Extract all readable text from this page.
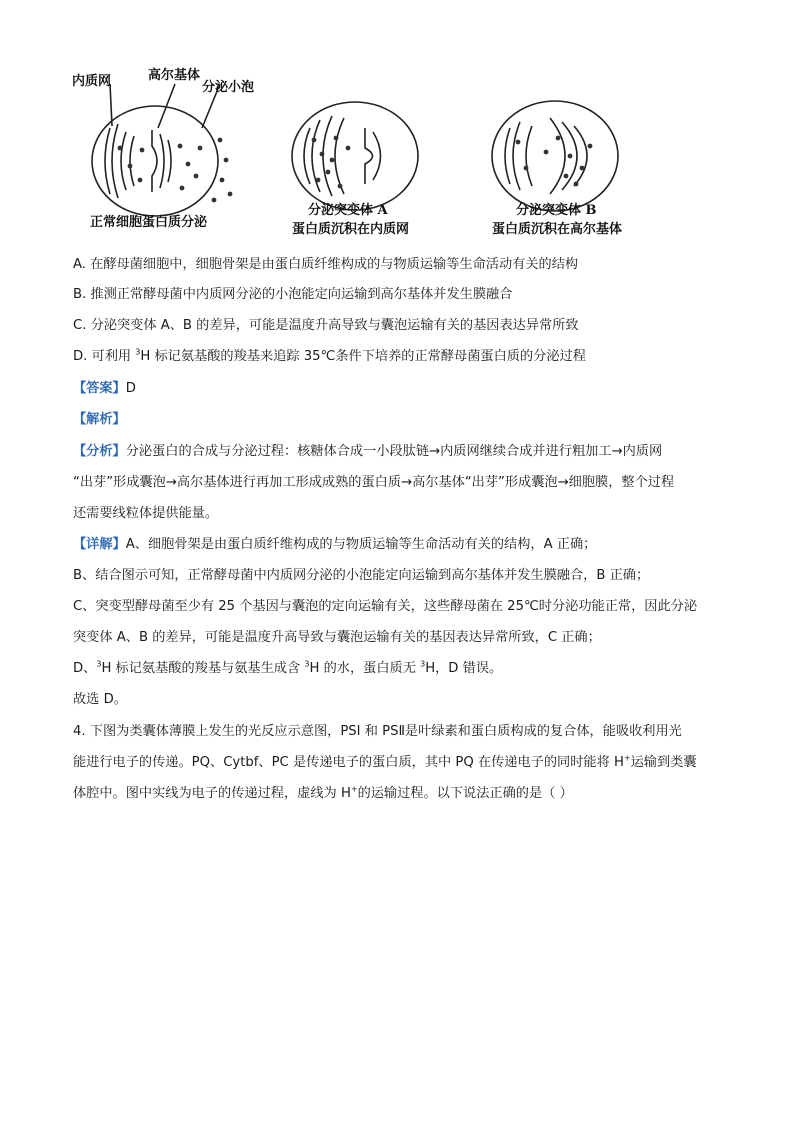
内质网	高尔基体
分泌小泡
正常细胞蛋白质分泌
分泌突变体 A
蛋白质沉积在内质网
分泌突变体 B
蛋白质沉积在高尔基体
A. 在酵母菌细胞中，细胞骨架是由蛋白质纤维构成的与物质运输等生命活动有关的结构
B. 推测正常酵母菌中内质网分泌的小泡能定向运输到高尔基体并发生膜融合
C. 分泌突变体 A、B 的差异，可能是温度升高导致与囊泡运输有关的基因表达异常所致
D. 可利用 $^3$H 标记氨基酸的羧基来追踪 35℃条件下培养的正常酵母菌蛋白质的分泌过程
【答案】D
【解析】
【分析】分泌蛋白的合成与分泌过程：核糖体合成一小段肽链→内质网继续合成并进行粗加工→内质网
“出芽”形成囊泡→高尔基体进行再加工形成成熟的蛋白质→高尔基体“出芽”形成囊泡→细胞膜，整个过程
还需要线粒体提供能量。
【详解】A、细胞骨架是由蛋白质纤维构成的与物质运输等生命活动有关的结构，A 正确；
B、结合图示可知，正常酵母菌中内质网分泌的小泡能定向运输到高尔基体并发生膜融合，B 正确；
C、突变型酵母菌至少有 25 个基因与囊泡的定向运输有关，这些酵母菌在 25℃时分泌功能正常，因此分泌
突变体 A、B 的差异，可能是温度升高导致与囊泡运输有关的基因表达异常所致，C 正确；
D、$^3$H 标记氨基酸的羧基与氨基生成含 $^3$H 的水，蛋白质无 $^3$H，D 错误。
故选 D。
4. 下图为类囊体薄膜上发生的光反应示意图，PSI 和 PSⅡ是叶绿素和蛋白质构成的复合体，能吸收利用光
能进行电子的传递。PQ、Cytbf、PC 是传递电子的蛋白质，其中 PQ 在传递电子的同时能将 H+运输到类囊
体腔中。图中实线为电子的传递过程，虚线为 H+的运输过程。以下说法正确的是（ ）
